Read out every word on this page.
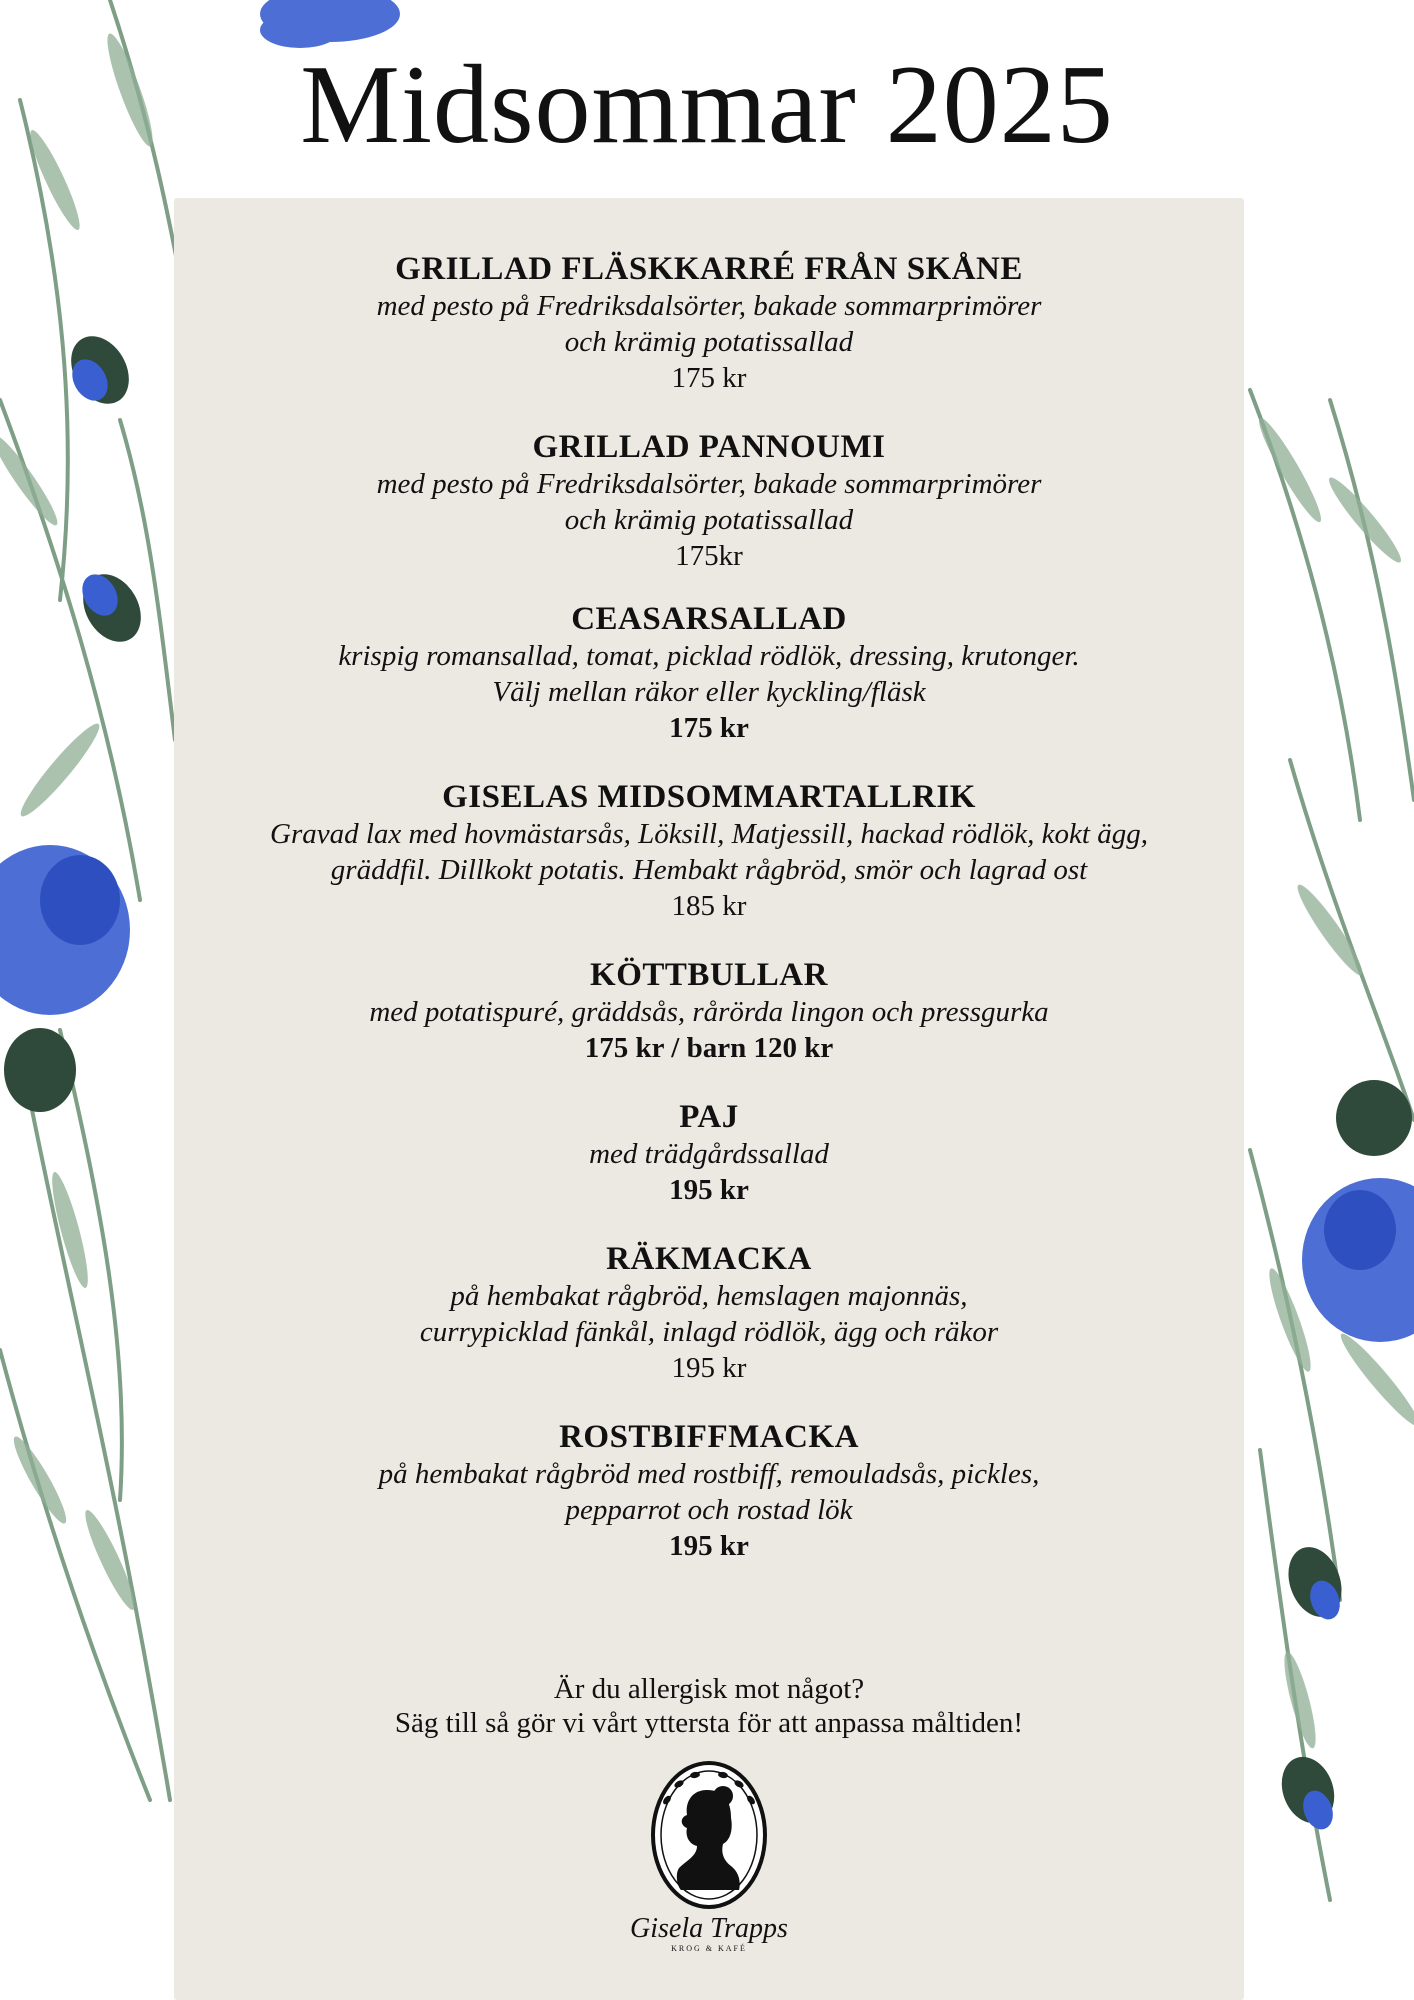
Midsommar 2025
GRILLAD FLÄSKKARRÉ FRÅN SKÅNE
med pesto på Fredriksdalsörter, bakade sommarprimörer
och krämig potatissallad
175 kr
GRILLAD PANNOUMI
med pesto på Fredriksdalsörter, bakade sommarprimörer
och krämig potatissallad
175kr
CEASARSALLAD
krispig romansallad, tomat, picklad rödlök, dressing, krutonger.
Välj mellan räkor eller kyckling/fläsk
175 kr
GISELAS MIDSOMMARTALLRIK
Gravad lax med hovmästarsås, Löksill, Matjessill, hackad rödlök, kokt ägg,
gräddfil. Dillkokt potatis. Hembakt rågbröd, smör och lagrad ost
185 kr
KÖTTBULLAR
med potatispuré, gräddsås, rårörda lingon och pressgurka
175 kr / barn 120 kr
PAJ
med trädgårdssallad
195 kr
RÄKMACKA
på hembakat rågbröd, hemslagen majonnäs,
currypicklad fänkål, inlagd rödlök, ägg och räkor
195 kr
ROSTBIFFMACKA
på hembakat rågbröd med rostbiff, remouladsås, pickles,
pepparrot och rostad lök
195 kr
Är du allergisk mot något?
Säg till så gör vi vårt yttersta för att anpassa måltiden!
Gisela Trapps
KROG & KAFÉ
